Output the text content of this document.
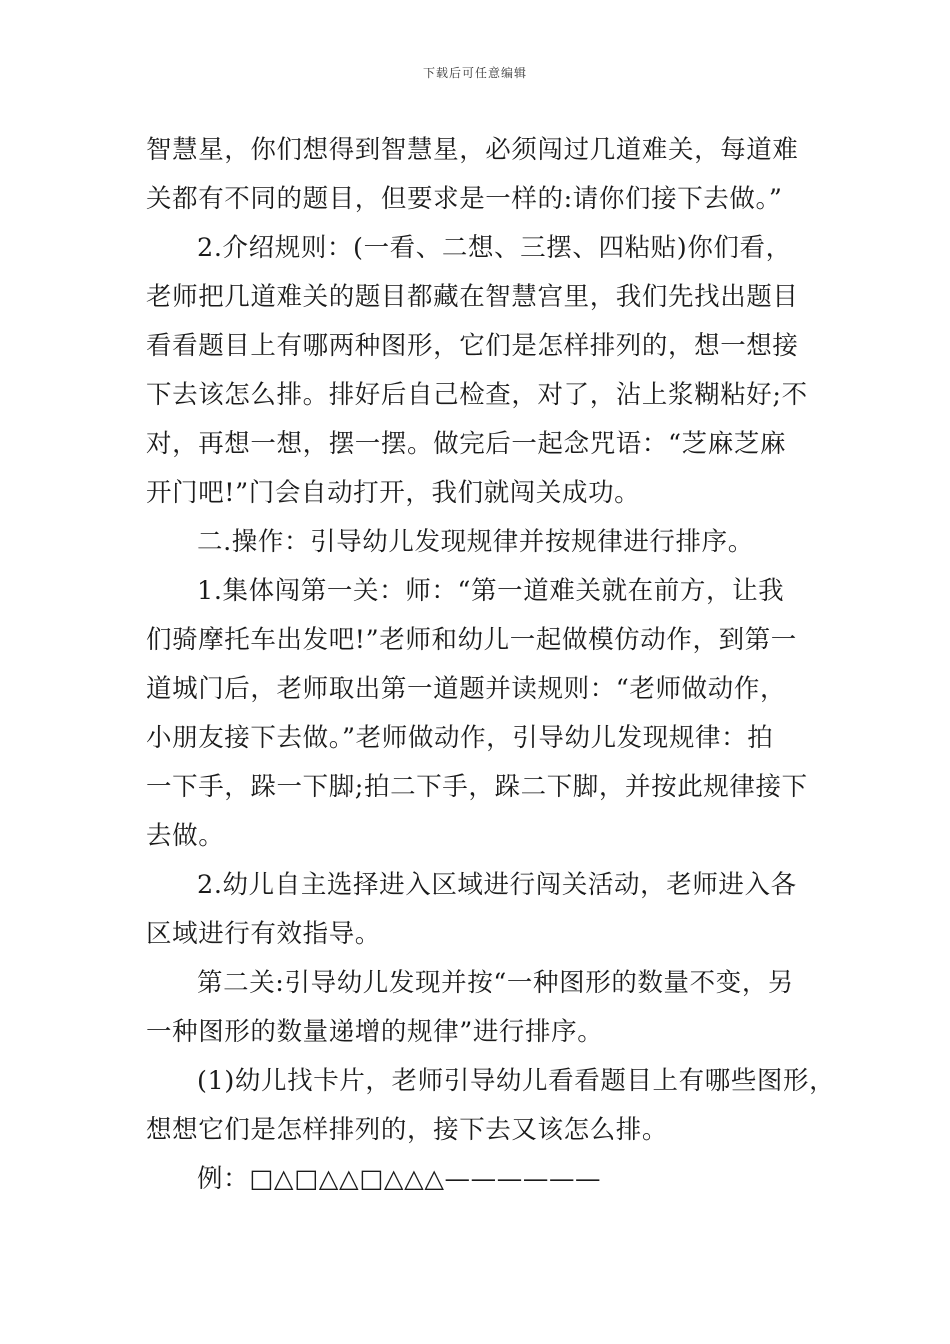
下载后可任意编辑
智慧星，你们想得到智慧星，必须闯过几道难关，每道难
关都有不同的题目，但要求是一样的:请你们接下去做。”
2.介绍规则：(一看、二想、三摆、四粘贴)你们看，
老师把几道难关的题目都藏在智慧宫里，我们先找出题目
看看题目上有哪两种图形，它们是怎样排列的，想一想接
下去该怎么排。排好后自己检查，对了，沾上浆糊粘好;不
对，再想一想，摆一摆。做完后一起念咒语：“芝麻芝麻
开门吧!”门会自动打开，我们就闯关成功。
二.操作：引导幼儿发现规律并按规律进行排序。
1.集体闯第一关：师：“第一道难关就在前方，让我
们骑摩托车出发吧!”老师和幼儿一起做模仿动作，到第一
道城门后，老师取出第一道题并读规则：“老师做动作，
小朋友接下去做。”老师做动作，引导幼儿发现规律：拍
一下手，跺一下脚;拍二下手，跺二下脚，并按此规律接下
去做。
2.幼儿自主选择进入区域进行闯关活动，老师进入各
区域进行有效指导。
第二关:引导幼儿发现并按“一种图形的数量不变，另
一种图形的数量递增的规律”进行排序。
(1)幼儿找卡片，老师引导幼儿看看题目上有哪些图形，
想想它们是怎样排列的，接下去又该怎么排。
例：□△□△△□△△△——————
